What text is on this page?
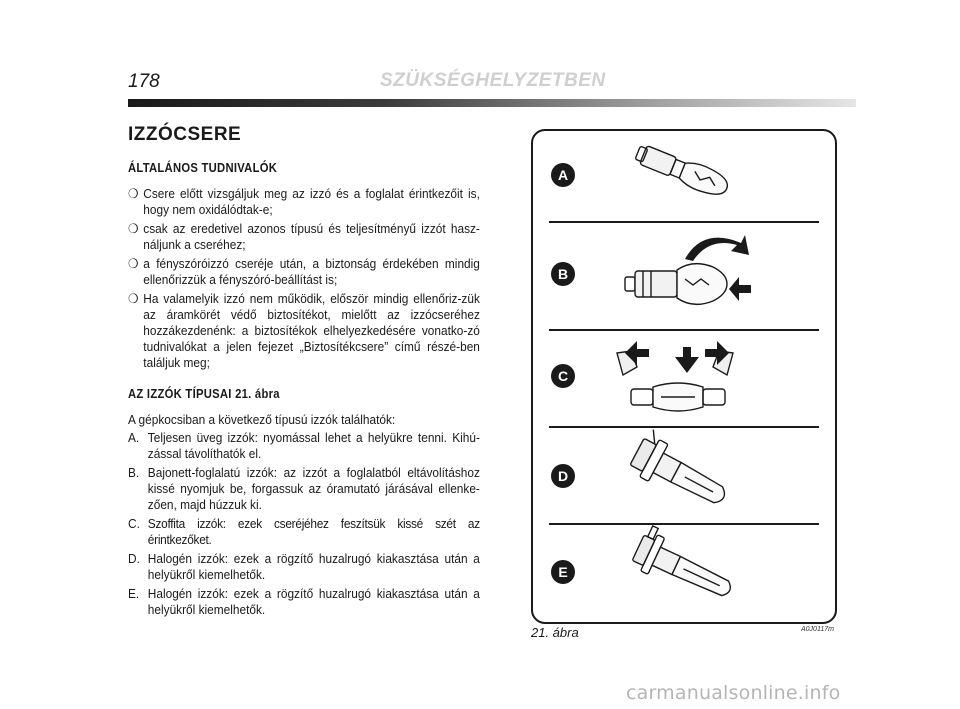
178	SZÜKSÉGHELYZETBEN
IZZÓCSERE
ÁLTALÁNOS TUDNIVALÓK
❍ Csere előtt vizsgáljuk meg az izzó és a foglalat érintkezőit is, hogy nem oxidálódtak-e;
❍ csak az eredetivel azonos típusú és teljesítményű izzót hasz-náljunk a cseréhez;
❍ a fényszóróizzó cseréje után, a biztonság érdekében mindig ellenőrizzük a fényszóró-beállítást is;
❍ Ha valamelyik izzó nem működik, először mindig ellenőriz-zük az áramkörét védő biztosítékot, mielőtt az izzócseréhez hozzákezdenénk: a biztosítékok elhelyezkedésére vonatko-zó tudnivalókat a jelen fejezet „Biztosítékcsere” című részé-ben találjuk meg;
AZ IZZÓK TÍPUSAI 21. ábra
A gépkocsiban a következő típusú izzók találhatók:
A. Teljesen üveg izzók: nyomással lehet a helyükre tenni. Kihú-zással távolíthatók el.
B. Bajonett-foglalatú izzók: az izzót a foglalatból eltávolításhoz kissé nyomjuk be, forgassuk az óramutató járásával ellenke-zően, majd húzzuk ki.
C. Szoffita izzók: ezek cseréjéhez feszítsük kissé szét az érintkezőket.
D. Halogén izzók: ezek a rögzítő huzalrugó kiakasztása után a helyükről kiemelhetők.
E. Halogén izzók: ezek a rögzítő huzalrugó kiakasztása után a helyükről kiemelhetők.
A
B
C
D
E
21. ábra	A0J0117m
carmanualsonline.info
